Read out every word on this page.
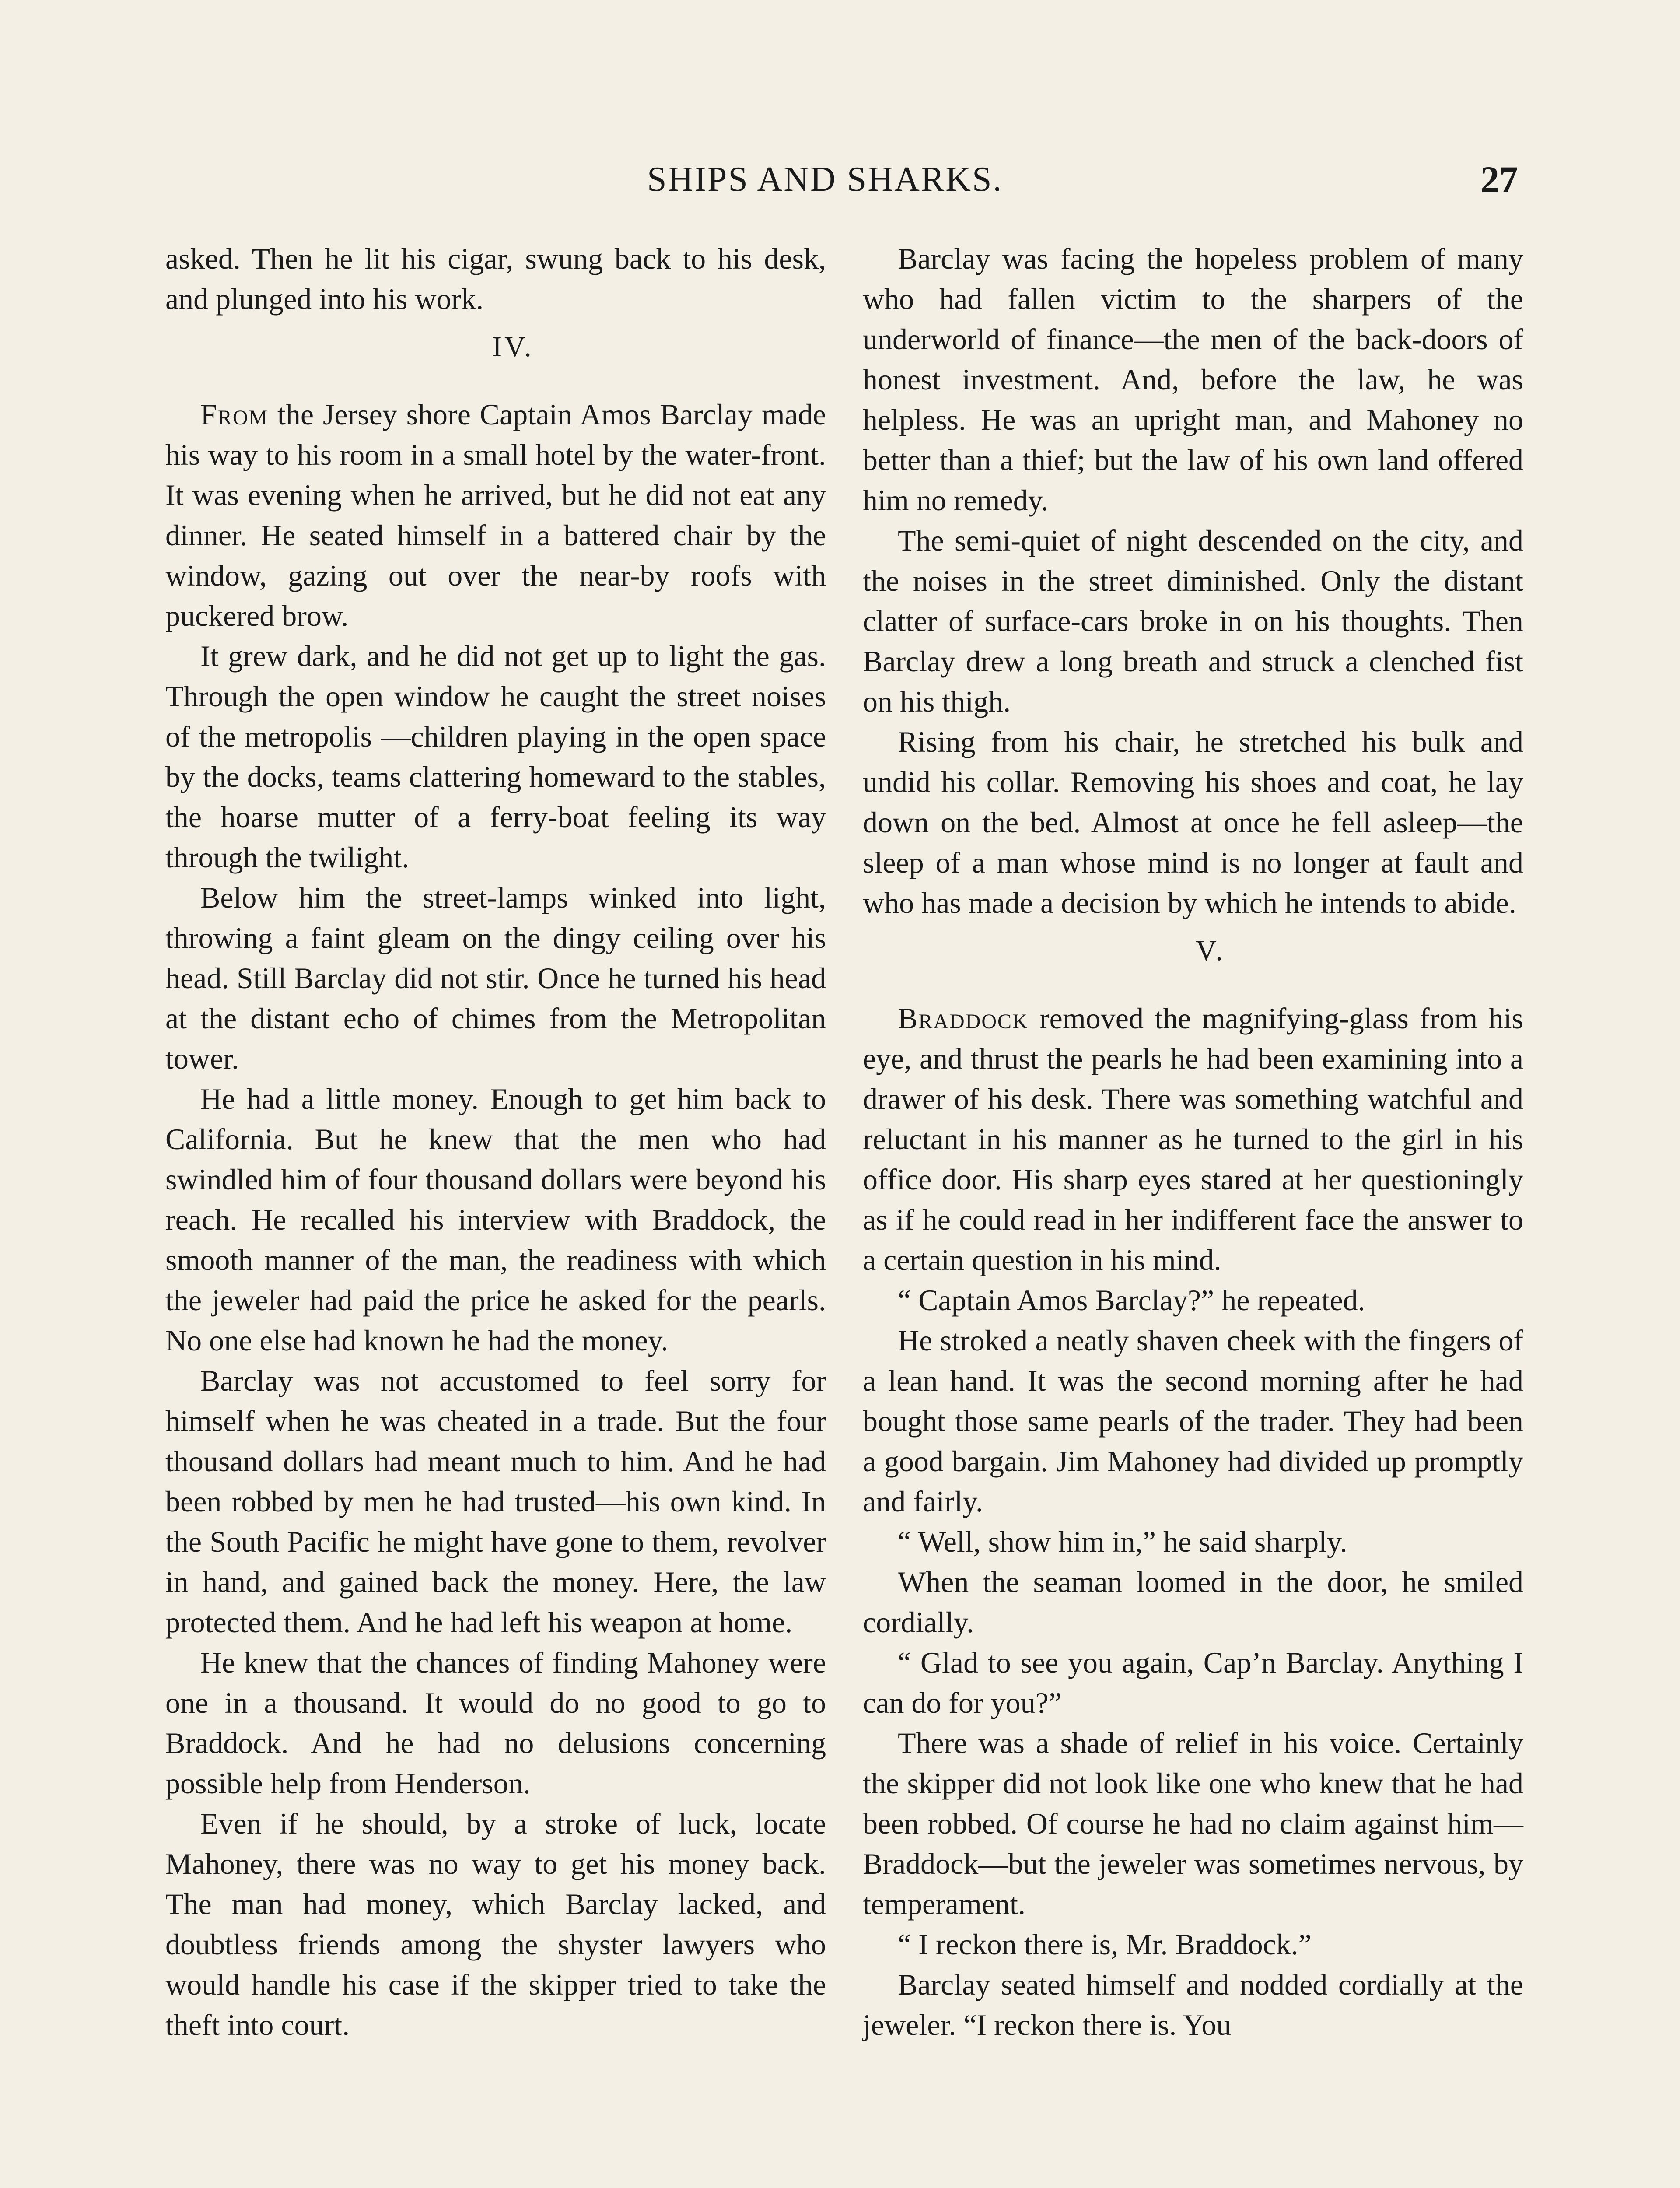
SHIPS AND SHARKS.	27

asked. Then he lit his cigar, swung back to his desk, and plunged into his work.

IV.

From the Jersey shore Captain Amos Barclay made his way to his room in a small hotel by the water-front. It was evening when he arrived, but he did not eat any dinner. He seated himself in a battered chair by the window, gazing out over the near-by roofs with puckered brow.

It grew dark, and he did not get up to light the gas. Through the open window he caught the street noises of the metropolis —children playing in the open space by the docks, teams clattering homeward to the stables, the hoarse mutter of a ferry-boat feeling its way through the twilight.

Below him the street-lamps winked into light, throwing a faint gleam on the dingy ceiling over his head. Still Barclay did not stir. Once he turned his head at the distant echo of chimes from the Metropolitan tower.

He had a little money. Enough to get him back to California. But he knew that the men who had swindled him of four thousand dollars were beyond his reach. He recalled his interview with Braddock, the smooth manner of the man, the readiness with which the jeweler had paid the price he asked for the pearls. No one else had known he had the money.

Barclay was not accustomed to feel sorry for himself when he was cheated in a trade. But the four thousand dollars had meant much to him. And he had been robbed by men he had trusted—his own kind. In the South Pacific he might have gone to them, revolver in hand, and gained back the money. Here, the law protected them. And he had left his weapon at home.

He knew that the chances of finding Mahoney were one in a thousand. It would do no good to go to Braddock. And he had no delusions concerning possible help from Henderson.

Even if he should, by a stroke of luck, locate Mahoney, there was no way to get his money back. The man had money, which Barclay lacked, and doubtless friends among the shyster lawyers who would handle his case if the skipper tried to take the theft into court.

Barclay was facing the hopeless problem of many who had fallen victim to the sharpers of the underworld of finance—the men of the back-doors of honest investment. And, before the law, he was helpless. He was an upright man, and Mahoney no better than a thief; but the law of his own land offered him no remedy.

The semi-quiet of night descended on the city, and the noises in the street diminished. Only the distant clatter of surface-cars broke in on his thoughts. Then Barclay drew a long breath and struck a clenched fist on his thigh.

Rising from his chair, he stretched his bulk and undid his collar. Removing his shoes and coat, he lay down on the bed. Almost at once he fell asleep—the sleep of a man whose mind is no longer at fault and who has made a decision by which he intends to abide.

V.

Braddock removed the magnifying-glass from his eye, and thrust the pearls he had been examining into a drawer of his desk. There was something watchful and reluctant in his manner as he turned to the girl in his office door. His sharp eyes stared at her questioningly as if he could read in her indifferent face the answer to a certain question in his mind.

“ Captain Amos Barclay?” he repeated.

He stroked a neatly shaven cheek with the fingers of a lean hand. It was the second morning after he had bought those same pearls of the trader. They had been a good bargain. Jim Mahoney had divided up promptly and fairly.

“ Well, show him in,” he said sharply.

When the seaman loomed in the door, he smiled cordially.

“ Glad to see you again, Cap’n Barclay. Anything I can do for you?”

There was a shade of relief in his voice. Certainly the skipper did not look like one who knew that he had been robbed. Of course he had no claim against him—Braddock—but the jeweler was sometimes nervous, by temperament.

“ I reckon there is, Mr. Braddock.”

Barclay seated himself and nodded cordially at the jeweler. “I reckon there is. You
